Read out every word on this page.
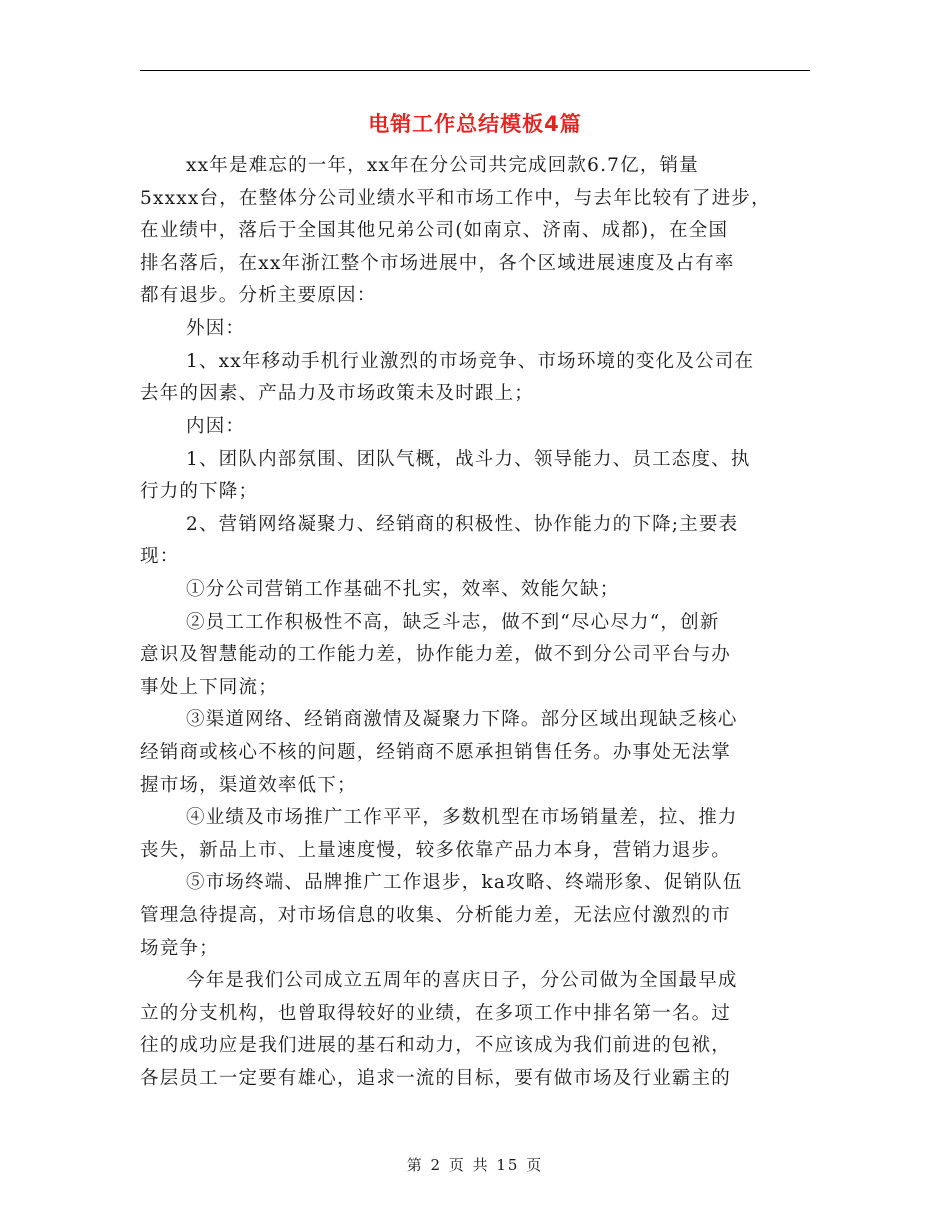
电销工作总结模板4篇
xx年是难忘的一年，xx年在分公司共完成回款6.7亿，销量
5xxxx台，在整体分公司业绩水平和市场工作中，与去年比较有了进步，
在业绩中，落后于全国其他兄弟公司(如南京、济南、成都)，在全国
排名落后，在xx年浙江整个市场进展中，各个区域进展速度及占有率
都有退步。分析主要原因：
外因：
1、xx年移动手机行业激烈的市场竞争、市场环境的变化及公司在
去年的因素、产品力及市场政策未及时跟上；
内因：
1、团队内部氛围、团队气概，战斗力、领导能力、员工态度、执
行力的下降；
2、营销网络凝聚力、经销商的积极性、协作能力的下降;主要表
现：
①分公司营销工作基础不扎实，效率、效能欠缺；
②员工工作积极性不高，缺乏斗志，做不到“尽心尽力“，创新
意识及智慧能动的工作能力差，协作能力差，做不到分公司平台与办
事处上下同流；
③渠道网络、经销商激情及凝聚力下降。部分区域出现缺乏核心
经销商或核心不核的问题，经销商不愿承担销售任务。办事处无法掌
握市场，渠道效率低下；
④业绩及市场推广工作平平，多数机型在市场销量差，拉、推力
丧失，新品上市、上量速度慢，较多依靠产品力本身，营销力退步。
⑤市场终端、品牌推广工作退步，ka攻略、终端形象、促销队伍
管理急待提高，对市场信息的收集、分析能力差，无法应付激烈的市
场竞争；
今年是我们公司成立五周年的喜庆日子，分公司做为全国最早成
立的分支机构，也曾取得较好的业绩，在多项工作中排名第一名。过
往的成功应是我们进展的基石和动力，不应该成为我们前进的包袱，
各层员工一定要有雄心，追求一流的目标，要有做市场及行业霸主的
第 2 页 共 15 页
